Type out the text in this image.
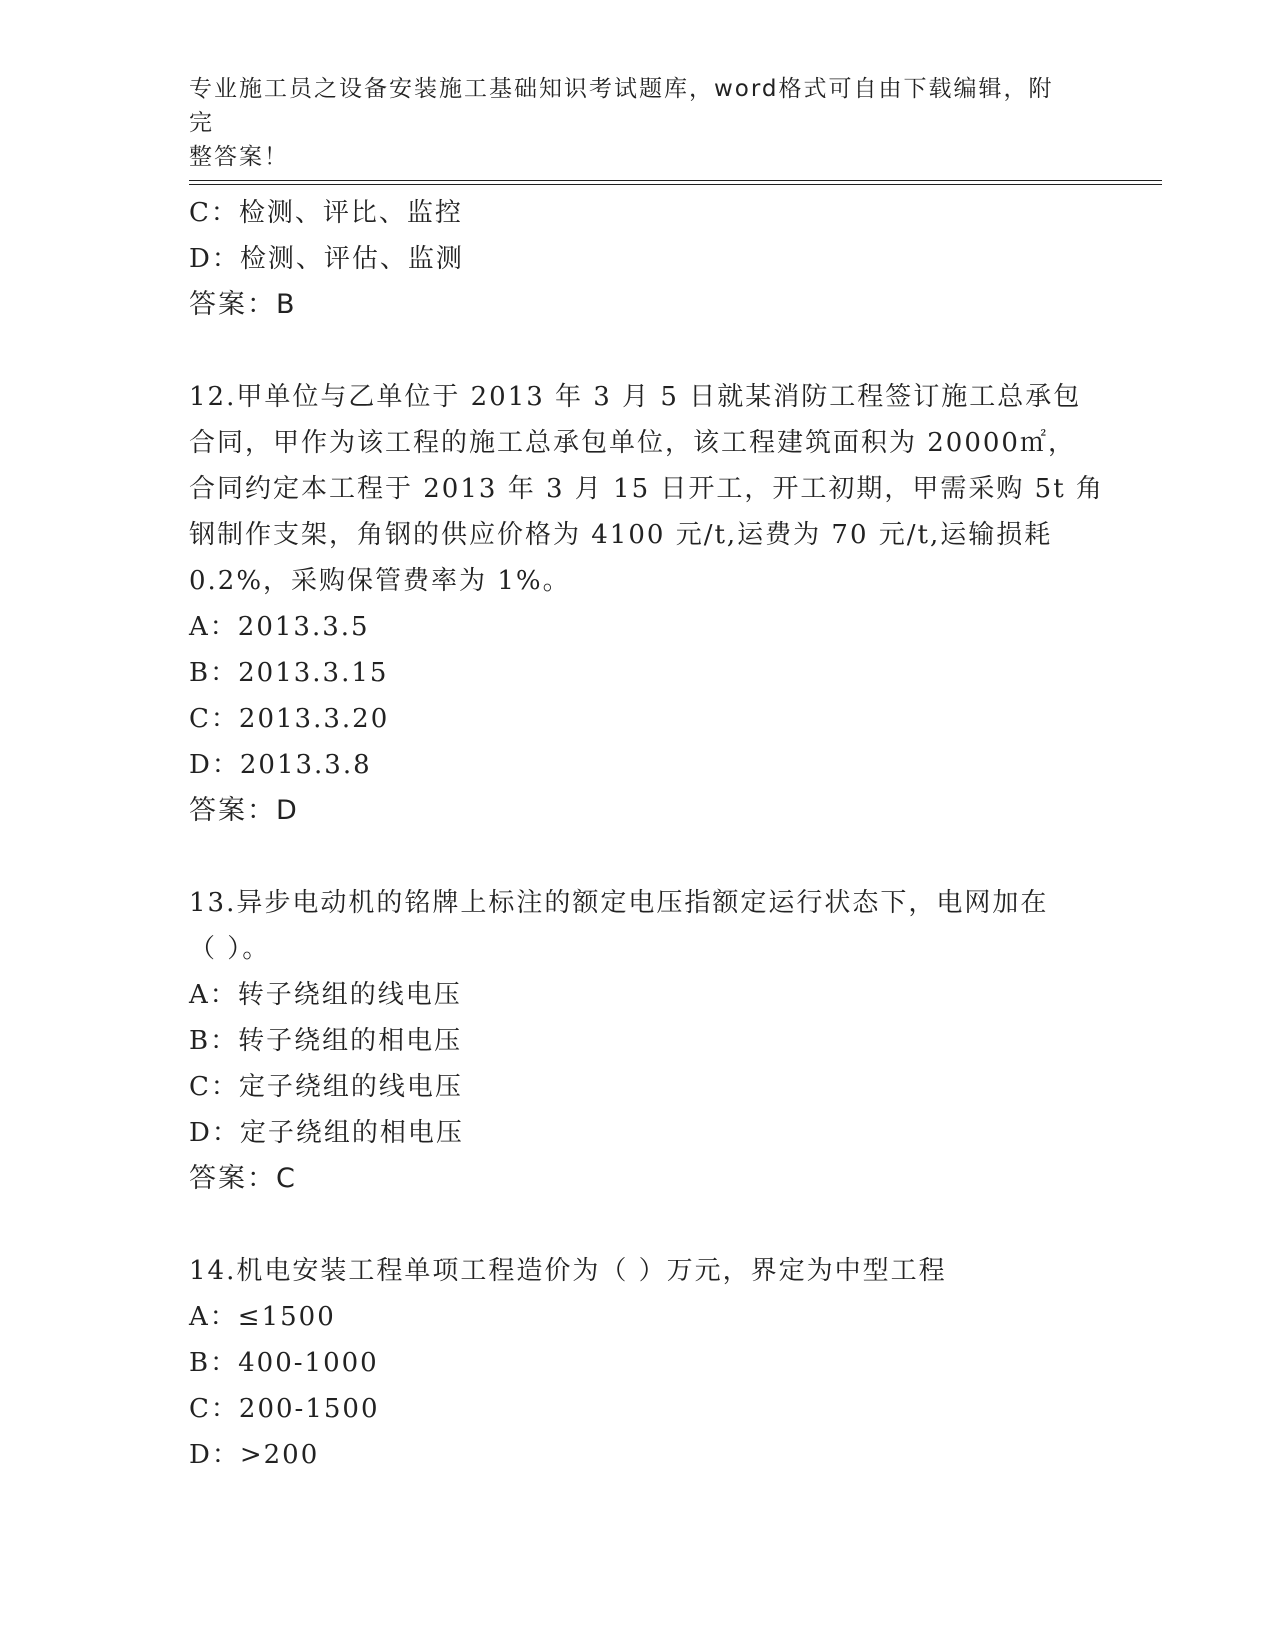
专业施工员之设备安装施工基础知识考试题库，word格式可自由下载编辑，附完
整答案！
C：检测、评比、监控
D：检测、评估、监测
答案：B
12.甲单位与乙单位于 2013 年 3 月 5 日就某消防工程签订施工总承包
合同，甲作为该工程的施工总承包单位，该工程建筑面积为 20000㎡，
合同约定本工程于 2013 年 3 月 15 日开工，开工初期，甲需采购 5t 角
钢制作支架，角钢的供应价格为 4100 元/t,运费为 70 元/t,运输损耗
0.2%，采购保管费率为 1%。
A：2013.3.5
B：2013.3.15
C：2013.3.20
D：2013.3.8
答案：D
13.异步电动机的铭牌上标注的额定电压指额定运行状态下，电网加在
（ ）。
A：转子绕组的线电压
B：转子绕组的相电压
C：定子绕组的线电压
D：定子绕组的相电压
答案：C
14.机电安装工程单项工程造价为（ ）万元，界定为中型工程
A：≤1500
B：400-1000
C：200-1500
D：>200
